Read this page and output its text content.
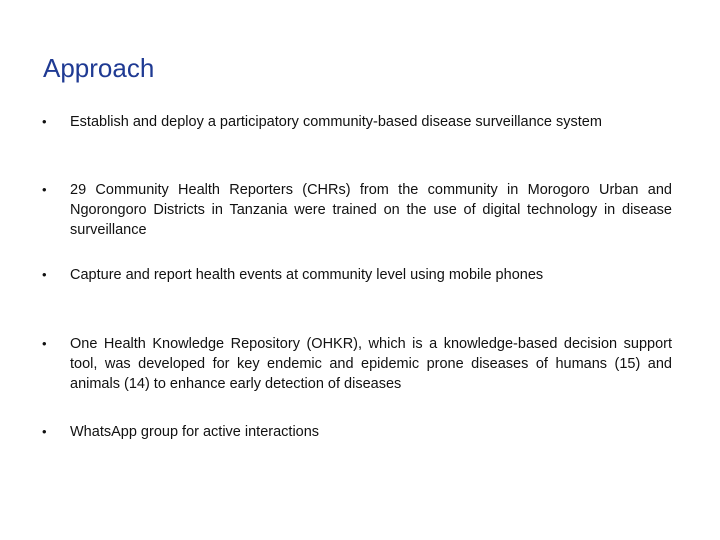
Approach
• Establish and deploy a participatory community-based disease surveillance system
• 29 Community Health Reporters (CHRs) from the community in Morogoro Urban and Ngorongoro Districts in Tanzania were trained on the use of digital technology in disease surveillance
• Capture and report health events at community level using mobile phones
• One Health Knowledge Repository (OHKR), which is a knowledge-based decision support tool, was developed for key endemic and epidemic prone diseases of humans (15) and animals (14) to enhance early detection of diseases
• WhatsApp group for active interactions
